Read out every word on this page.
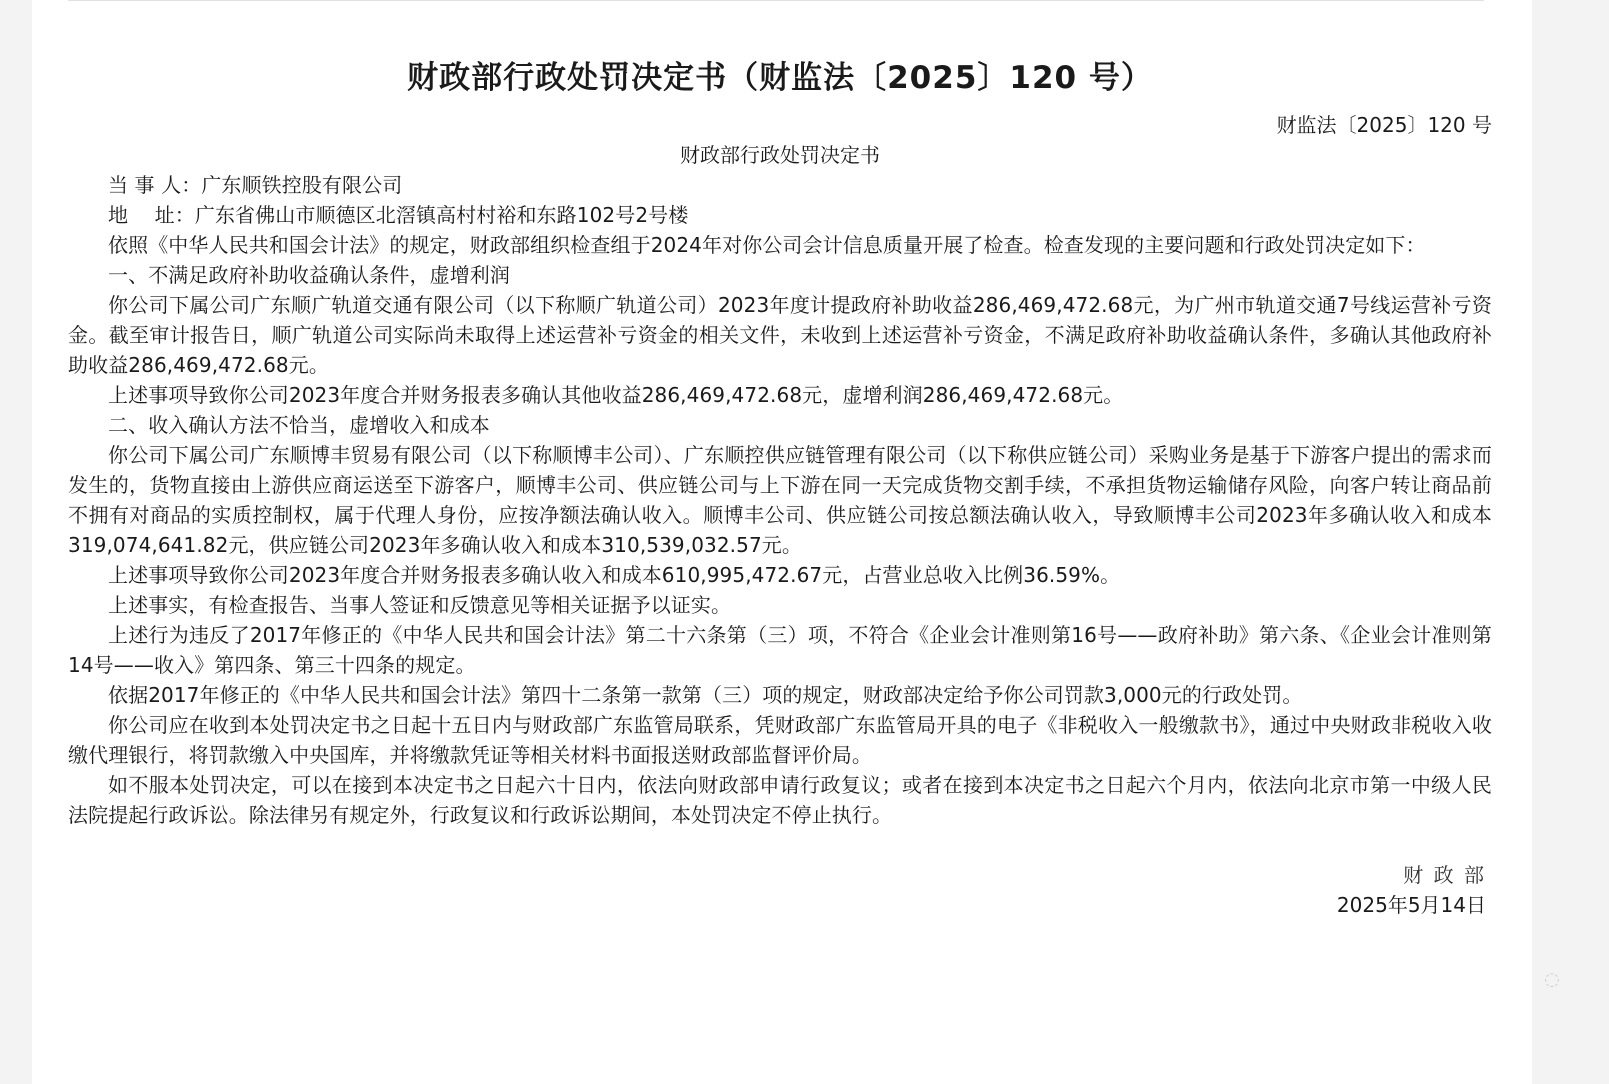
财政部行政处罚决定书（财监法〔2025〕120 号）
财监法〔2025〕120 号
财政部行政处罚决定书

当 事 人：广东顺铁控股有限公司

地　 址：广东省佛山市顺德区北滘镇高村村裕和东路102号2号楼

依照《中华人民共和国会计法》的规定，财政部组织检查组于2024年对你公司会计信息质量开展了检查。检查发现的主要问题和行政处罚决定如下：

一、不满足政府补助收益确认条件，虚增利润

你公司下属公司广东顺广轨道交通有限公司（以下称顺广轨道公司）2023年度计提政府补助收益286,469,472.68元，为广州市轨道交通7号线运营补亏资金。截至审计报告日，顺广轨道公司实际尚未取得上述运营补亏资金的相关文件，未收到上述运营补亏资金，不满足政府补助收益确认条件，多确认其他政府补助收益286,469,472.68元。

上述事项导致你公司2023年度合并财务报表多确认其他收益286,469,472.68元，虚增利润286,469,472.68元。

二、收入确认方法不恰当，虚增收入和成本

你公司下属公司广东顺博丰贸易有限公司（以下称顺博丰公司）、广东顺控供应链管理有限公司（以下称供应链公司）采购业务是基于下游客户提出的需求而发生的，货物直接由上游供应商运送至下游客户，顺博丰公司、供应链公司与上下游在同一天完成货物交割手续，不承担货物运输储存风险，向客户转让商品前不拥有对商品的实质控制权，属于代理人身份，应按净额法确认收入。顺博丰公司、供应链公司按总额法确认收入，导致顺博丰公司2023年多确认收入和成本319,074,641.82元，供应链公司2023年多确认收入和成本310,539,032.57元。

上述事项导致你公司2023年度合并财务报表多确认收入和成本610,995,472.67元，占营业总收入比例36.59%。

上述事实，有检查报告、当事人签证和反馈意见等相关证据予以证实。

上述行为违反了2017年修正的《中华人民共和国会计法》第二十六条第（三）项，不符合《企业会计准则第16号——政府补助》第六条、《企业会计准则第14号——收入》第四条、第三十四条的规定。

依据2017年修正的《中华人民共和国会计法》第四十二条第一款第（三）项的规定，财政部决定给予你公司罚款3,000元的行政处罚。

你公司应在收到本处罚决定书之日起十五日内与财政部广东监管局联系，凭财政部广东监管局开具的电子《非税收入一般缴款书》，通过中央财政非税收入收缴代理银行，将罚款缴入中央国库，并将缴款凭证等相关材料书面报送财政部监督评价局。

如不服本处罚决定，可以在接到本决定书之日起六十日内，依法向财政部申请行政复议；或者在接到本决定书之日起六个月内，依法向北京市第一中级人民法院提起行政诉讼。除法律另有规定外，行政复议和行政诉讼期间，本处罚决定不停止执行。

财 政 部
2025年5月14日
◌
